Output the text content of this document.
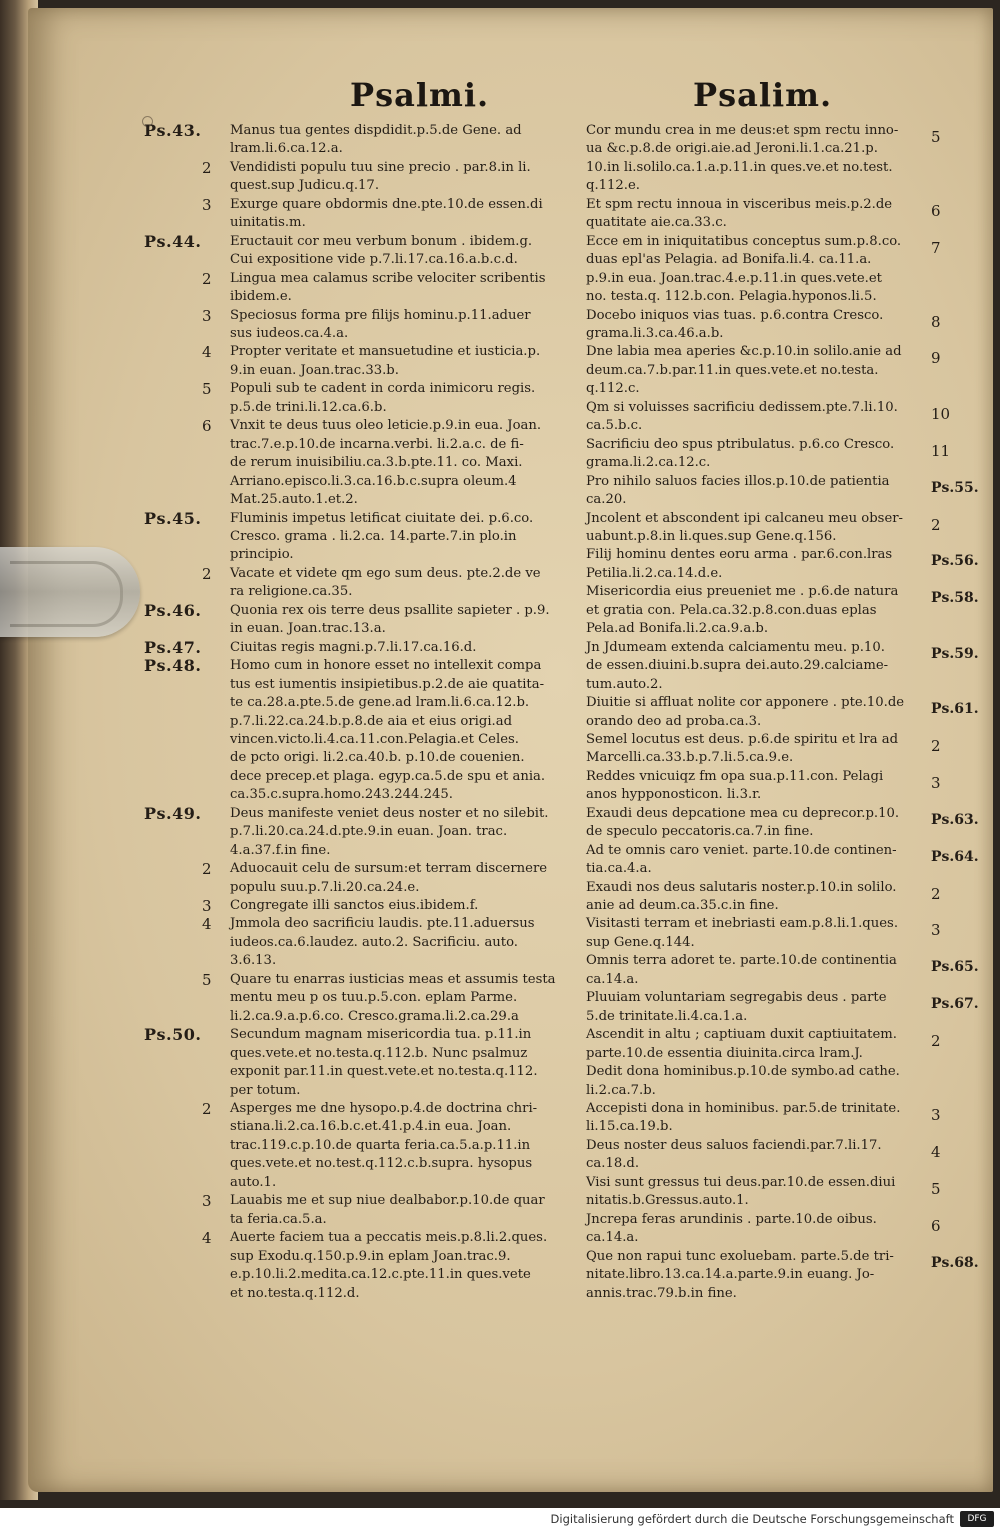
Psalmi.	Psalim.
Ps.43. Manus tua gentes dispdidit.p.5.de Gene. ad
lram.li.6.ca.12.a.
2 Vendidisti populu tuu sine precio . par.8.in li.
quest.sup Judicu.q.17.
3 Exurge quare obdormis dne.pte.10.de essen.di
uinitatis.m.
Ps.44. Eructauit cor meu verbum bonum . ibidem.g.
Cui expositione vide p.7.li.17.ca.16.a.b.c.d.
2 Lingua mea calamus scribe velociter scribentis
ibidem.e.
3 Speciosus forma pre filijs hominu.p.11.aduer
sus iudeos.ca.4.a.
4 Propter veritate et mansuetudine et iusticia.p.
9.in euan. Joan.trac.33.b.
5 Populi sub te cadent in corda inimicoru regis.
p.5.de trini.li.12.ca.6.b.
6 Vnxit te deus tuus oleo leticie.p.9.in eua. Joan.
trac.7.e.p.10.de incarna.verbi. li.2.a.c. de fi-
de rerum inuisibiliu.ca.3.b.pte.11. co. Maxi.
Arriano.episco.li.3.ca.16.b.c.supra oleum.4
Mat.25.auto.1.et.2.
Ps.45. Fluminis impetus letificat ciuitate dei. p.6.co.
Cresco. grama . li.2.ca. 14.parte.7.in plo.in
principio.
2 Vacate et videte qm ego sum deus. pte.2.de ve
ra religione.ca.35.
Ps.46. Quonia rex ois terre deus psallite sapieter . p.9.
in euan. Joan.trac.13.a.
Ps.47. Ciuitas regis magni.p.7.li.17.ca.16.d.
Ps.48. Homo cum in honore esset no intellexit compa
tus est iumentis insipietibus.p.2.de aie quatita-
te ca.28.a.pte.5.de gene.ad lram.li.6.ca.12.b.
p.7.li.22.ca.24.b.p.8.de aia et eius origi.ad
vincen.victo.li.4.ca.11.con.Pelagia.et Celes.
de pcto origi. li.2.ca.40.b. p.10.de couenien.
dece precep.et plaga. egyp.ca.5.de spu et ania.
ca.35.c.supra.homo.243.244.245.
Ps.49. Deus manifeste veniet deus noster et no silebit.
p.7.li.20.ca.24.d.pte.9.in euan. Joan. trac.
4.a.37.f.in fine.
2 Aduocauit celu de sursum:et terram discernere
populu suu.p.7.li.20.ca.24.e.
3 Congregate illi sanctos eius.ibidem.f.
4 Jmmola deo sacrificiu laudis. pte.11.aduersus
iudeos.ca.6.laudez. auto.2. Sacrificiu. auto.
3.6.13.
5 Quare tu enarras iusticias meas et assumis testa
mentu meu p os tuu.p.5.con. eplam Parme.
li.2.ca.9.a.p.6.co. Cresco.grama.li.2.ca.29.a
Ps.50. Secundum magnam misericordia tua. p.11.in
ques.vete.et no.testa.q.112.b. Nunc psalmuz
exponit par.11.in quest.vete.et no.testa.q.112.
per totum.
2 Asperges me dne hysopo.p.4.de doctrina chri-
stiana.li.2.ca.16.b.c.et.41.p.4.in eua. Joan.
trac.119.c.p.10.de quarta feria.ca.5.a.p.11.in
ques.vete.et no.test.q.112.c.b.supra. hysopus
auto.1.
3 Lauabis me et sup niue dealbabor.p.10.de quar
ta feria.ca.5.a.
4 Auerte faciem tua a peccatis meis.p.8.li.2.ques.
sup Exodu.q.150.p.9.in eplam Joan.trac.9.
e.p.10.li.2.medita.ca.12.c.pte.11.in ques.vete
et no.testa.q.112.d.
5
Cor mundu crea in me deus:et spm rectu inno-
ua &c.p.8.de origi.aie.ad Jeroni.li.1.ca.21.p.
10.in li.solilo.ca.1.a.p.11.in ques.ve.et no.test.
q.112.e.
6
Et spm rectu innoua in visceribus meis.p.2.de
quatitate aie.ca.33.c.
7
Ecce em in iniquitatibus conceptus sum.p.8.co.
duas epl'as Pelagia. ad Bonifa.li.4. ca.11.a.
p.9.in eua. Joan.trac.4.e.p.11.in ques.vete.et
no. testa.q. 112.b.con. Pelagia.hyponos.li.5.
8
Docebo iniquos vias tuas. p.6.contra Cresco.
grama.li.3.ca.46.a.b.
9
Dne labia mea aperies &c.p.10.in solilo.anie ad
deum.ca.7.b.par.11.in ques.vete.et no.testa.
q.112.c.
10
Qm si voluisses sacrificiu dedissem.pte.7.li.10.
ca.5.b.c.
11
Sacrificiu deo spus ptribulatus. p.6.co Cresco.
grama.li.2.ca.12.c.
Ps.55.
Pro nihilo saluos facies illos.p.10.de patientia
ca.20.
2
Jncolent et abscondent ipi calcaneu meu obser-
uabunt.p.8.in li.ques.sup Gene.q.156.
Ps.56.
Filij hominu dentes eoru arma . par.6.con.lras
Petilia.li.2.ca.14.d.e.
Ps.58.
Misericordia eius preueniet me . p.6.de natura
et gratia con. Pela.ca.32.p.8.con.duas eplas
Pela.ad Bonifa.li.2.ca.9.a.b.
Ps.59.
Jn Jdumeam extenda calciamentu meu. p.10.
de essen.diuini.b.supra dei.auto.29.calciame-
tum.auto.2.
Ps.61.
Diuitie si affluat nolite cor apponere . pte.10.de
orando deo ad proba.ca.3.
2
Semel locutus est deus. p.6.de spiritu et lra ad
Marcelli.ca.33.b.p.7.li.5.ca.9.e.
3
Reddes vnicuiqz fm opa sua.p.11.con. Pelagi
anos hypponosticon. li.3.r.
Ps.63.
Exaudi deus depcatione mea cu deprecor.p.10.
de speculo peccatoris.ca.7.in fine.
Ps.64.
Ad te omnis caro veniet. parte.10.de continen-
tia.ca.4.a.
2
Exaudi nos deus salutaris noster.p.10.in solilo.
anie ad deum.ca.35.c.in fine.
3
Visitasti terram et inebriasti eam.p.8.li.1.ques.
sup Gene.q.144.
Ps.65.
Omnis terra adoret te. parte.10.de continentia
ca.14.a.
Ps.67.
Pluuiam voluntariam segregabis deus . parte
5.de trinitate.li.4.ca.1.a.
2
Ascendit in altu ; captiuam duxit captiuitatem.
parte.10.de essentia diuinita.circa lram.J.
Dedit dona hominibus.p.10.de symbo.ad cathe.
li.2.ca.7.b.
3
Accepisti dona in hominibus. par.5.de trinitate.
li.15.ca.19.b.
4
Deus noster deus saluos faciendi.par.7.li.17.
ca.18.d.
5
Visi sunt gressus tui deus.par.10.de essen.diui
nitatis.b.Gressus.auto.1.
6
Jncrepa feras arundinis . parte.10.de oibus.
ca.14.a.
Ps.68.
Que non rapui tunc exoluebam. parte.5.de tri-
nitate.libro.13.ca.14.a.parte.9.in euang. Jo-
annis.trac.79.b.in fine.
Digitalisierung gefördert durch die Deutsche Forschungsgemeinschaft	DFG
